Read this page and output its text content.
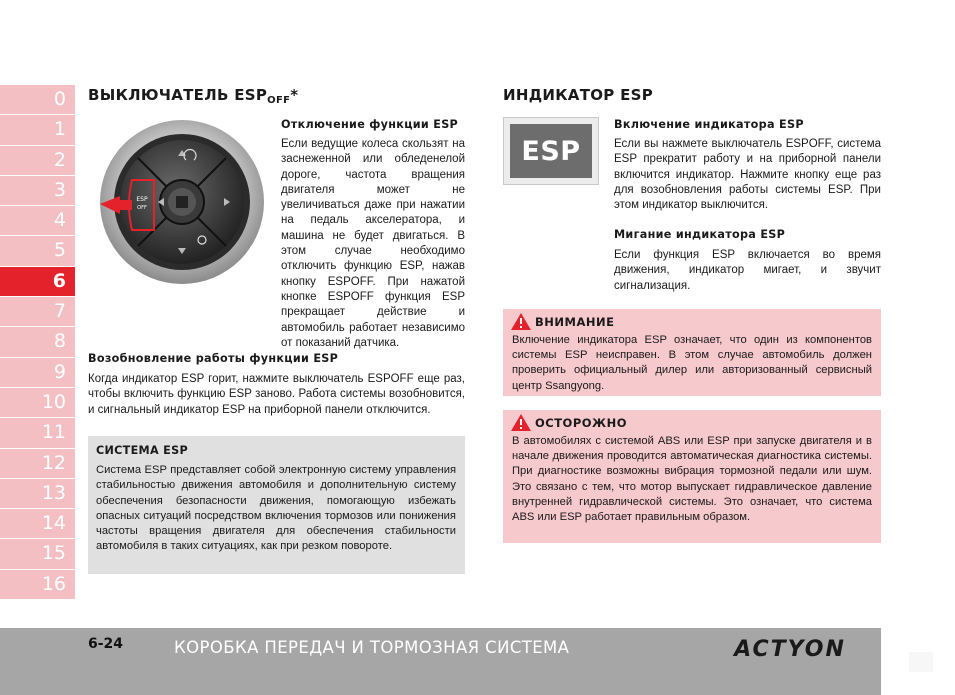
0
1
2
3
4
5
6
7
8
9
10
11
12
13
14
15
16
ВЫКЛЮЧАТЕЛЬ $ESP_{OFF}*$
ESP
OFF
Отключение функции ESP
Если ведущие колеса скользят на заснеженной или обледенелой дороге, частота вращения двигателя может не увеличиваться даже при нажатии на педаль акселератора, и машина не будет двигаться. В этом случае необходимо отключить функцию ESP, нажав кнопку ESPOFF. При нажатой кнопке ESPOFF функция ESP прекращает действие и автомобиль работает независимо от показаний датчика.
Возобновление работы функции ESP
Когда индикатор ESP горит, нажмите выключатель ESPOFF еще раз, чтобы включить функцию ESP заново. Работа системы возобновится, и сигнальный индикатор ESP на приборной панели отключится.
СИСТЕМА ESP
Система ESP представляет собой электронную систему управления стабильностью движения автомобиля и дополнительную систему обеспечения безопасности движения, помогающую избежать опасных ситуаций посредством включения тормозов или понижения частоты вращения двигателя для обеспечения стабильности автомобиля в таких ситуациях, как при резком повороте.
ИНДИКАТОР ESP
ESP
Включение индикатора ESP
Если вы нажмете выключатель ESPOFF, система ESP прекратит работу и на приборной панели включится индикатор. Нажмите кнопку еще раз для возобновления работы системы ESP. При этом индикатор выключится.
Мигание индикатора ESP
Если функция ESP включается во время движения, индикатор мигает, и звучит сигнализация.
ВНИМАНИЕ
Включение индикатора ESP означает, что один из компонентов системы ESP неисправен. В этом случае автомобиль должен проверить официальный дилер или авторизованный сервисный центр Ssangyong.
ОСТОРОЖНО
В автомобилях с системой ABS или ESP при запуске двигателя и в начале движения проводится автоматическая диагностика системы. При диагностике возможны вибрация тормозной педали или шум. Это связано с тем, что мотор выпускает гидравлическое давление внутренней гидравлической системы. Это означает, что система ABS или ESP работает правильным образом.
6-24	КОРОБКА ПЕРЕДАЧ И ТОРМОЗНАЯ СИСТЕМА	ACTYON
